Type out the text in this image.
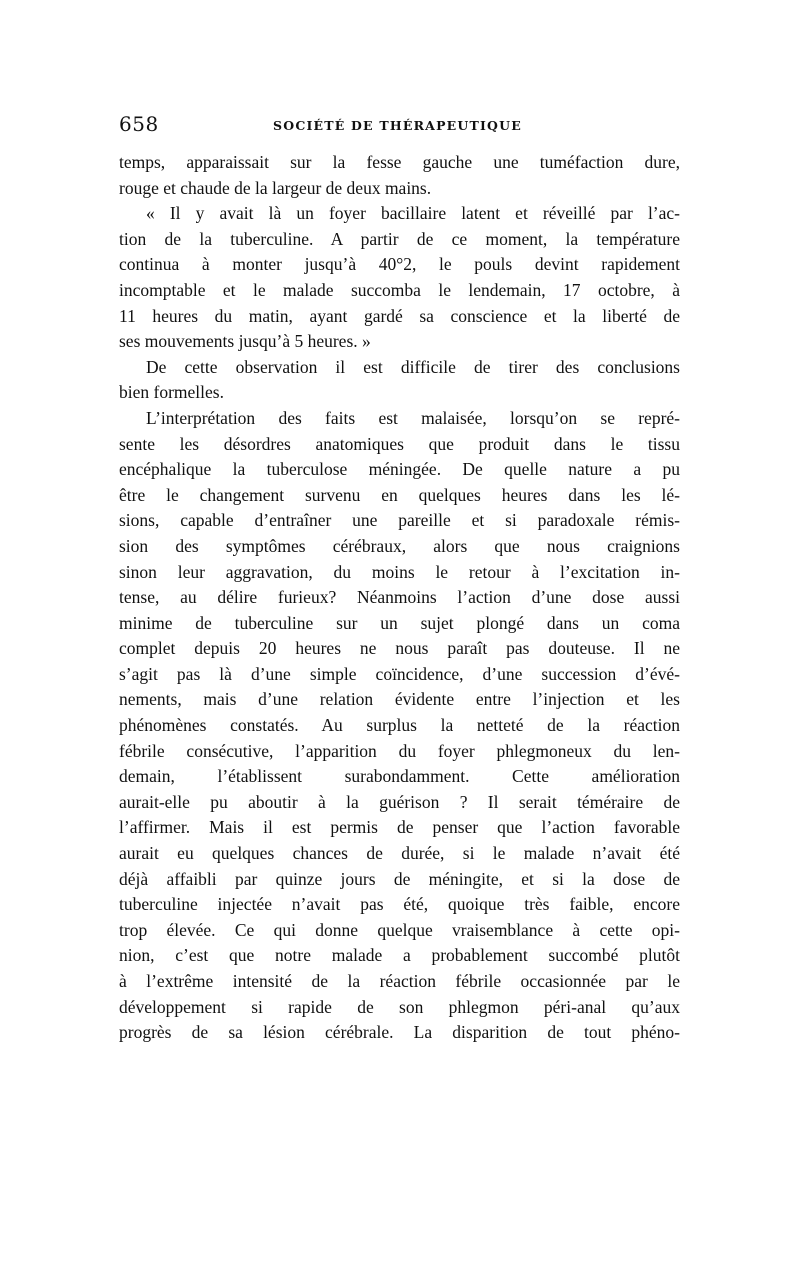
658	SOCIÉTÉ DE THÉRAPEUTIQUE
temps, apparaissait sur la fesse gauche une tuméfaction dure,
rouge et chaude de la largeur de deux mains.
« Il y avait là un foyer bacillaire latent et réveillé par l’ac-
tion de la tuberculine. A partir de ce moment, la température
continua à monter jusqu’à 40°2, le pouls devint rapidement
incomptable et le malade succomba le lendemain, 17 octobre, à
11 heures du matin, ayant gardé sa conscience et la liberté de
ses mouvements jusqu’à 5 heures. »
De cette observation il est difficile de tirer des conclusions
bien formelles.
L’interprétation des faits est malaisée, lorsqu’on se repré-
sente les désordres anatomiques que produit dans le tissu
encéphalique la tuberculose méningée. De quelle nature a pu
être le changement survenu en quelques heures dans les lé-
sions, capable d’entraîner une pareille et si paradoxale rémis-
sion des symptômes cérébraux, alors que nous craignions
sinon leur aggravation, du moins le retour à l’excitation in-
tense, au délire furieux? Néanmoins l’action d’une dose aussi
minime de tuberculine sur un sujet plongé dans un coma
complet depuis 20 heures ne nous paraît pas douteuse. Il ne
s’agit pas là d’une simple coïncidence, d’une succession d’évé-
nements, mais d’une relation évidente entre l’injection et les
phénomènes constatés. Au surplus la netteté de la réaction
fébrile consécutive, l’apparition du foyer phlegmoneux du len-
demain, l’établissent surabondamment. Cette amélioration
aurait-elle pu aboutir à la guérison ? Il serait téméraire de
l’affirmer. Mais il est permis de penser que l’action favorable
aurait eu quelques chances de durée, si le malade n’avait été
déjà affaibli par quinze jours de méningite, et si la dose de
tuberculine injectée n’avait pas été, quoique très faible, encore
trop élevée. Ce qui donne quelque vraisemblance à cette opi-
nion, c’est que notre malade a probablement succombé plutôt
à l’extrême intensité de la réaction fébrile occasionnée par le
développement si rapide de son phlegmon péri-anal qu’aux
progrès de sa lésion cérébrale. La disparition de tout phéno-
